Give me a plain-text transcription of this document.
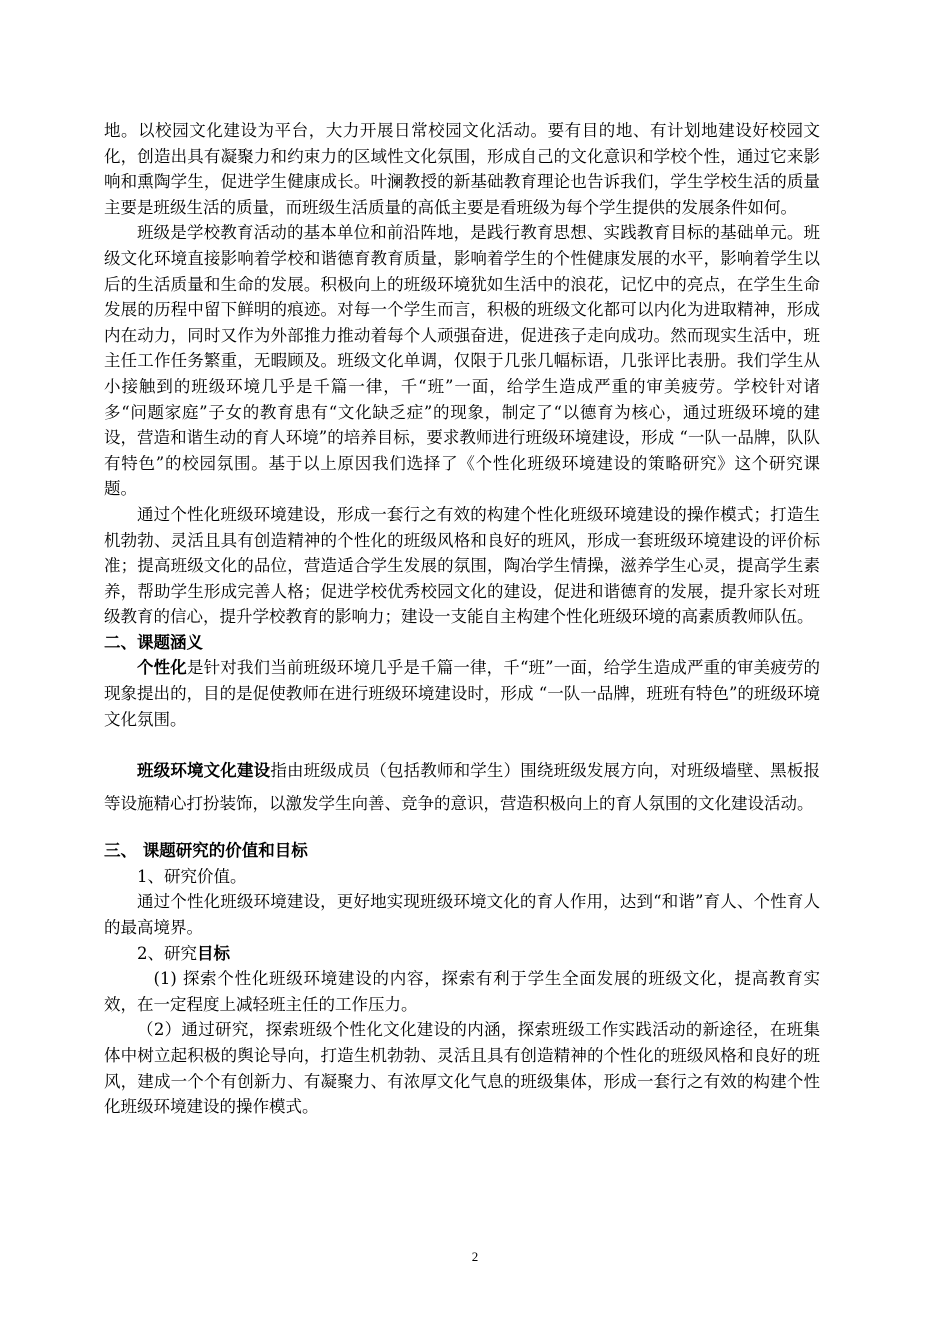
地。以校园文化建设为平台，大力开展日常校园文化活动。要有目的地、有计划地建设好校园文化，创造出具有凝聚力和约束力的区域性文化氛围，形成自己的文化意识和学校个性，通过它来影响和熏陶学生，促进学生健康成长。叶澜教授的新基础教育理论也告诉我们，学生学校生活的质量主要是班级生活的质量，而班级生活质量的高低主要是看班级为每个学生提供的发展条件如何。

班级是学校教育活动的基本单位和前沿阵地，是践行教育思想、实践教育目标的基础单元。班级文化环境直接影响着学校和谐德育教育质量，影响着学生的个性健康发展的水平，影响着学生以后的生活质量和生命的发展。积极向上的班级环境犹如生活中的浪花，记忆中的亮点，在学生生命发展的历程中留下鲜明的痕迹。对每一个学生而言，积极的班级文化都可以内化为进取精神，形成内在动力，同时又作为外部推力推动着每个人顽强奋进，促进孩子走向成功。然而现实生活中，班主任工作任务繁重，无暇顾及。班级文化单调，仅限于几张几幅标语，几张评比表册。我们学生从小接触到的班级环境几乎是千篇一律，千“班”一面，给学生造成严重的审美疲劳。学校针对诸多“问题家庭”子女的教育患有“文化缺乏症”的现象，制定了“以德育为核心，通过班级环境的建设，营造和谐生动的育人环境”的培养目标，要求教师进行班级环境建设，形成 “一队一品牌，队队有特色”的校园氛围。基于以上原因我们选择了《个性化班级环境建设的策略研究》这个研究课题。

通过个性化班级环境建设，形成一套行之有效的构建个性化班级环境建设的操作模式；打造生机勃勃、灵活且具有创造精神的个性化的班级风格和良好的班风，形成一套班级环境建设的评价标准；提高班级文化的品位，营造适合学生发展的氛围，陶冶学生情操，滋养学生心灵，提高学生素养，帮助学生形成完善人格；促进学校优秀校园文化的建设，促进和谐德育的发展，提升家长对班级教育的信心，提升学校教育的影响力；建设一支能自主构建个性化班级环境的高素质教师队伍。

二、课题涵义

个性化是针对我们当前班级环境几乎是千篇一律，千“班”一面，给学生造成严重的审美疲劳的现象提出的，目的是促使教师在进行班级环境建设时，形成 “一队一品牌，班班有特色”的班级环境文化氛围。

班级环境文化建设指由班级成员（包括教师和学生）围绕班级发展方向，对班级墙壁、黑板报等设施精心打扮装饰，以激发学生向善、竞争的意识，营造积极向上的育人氛围的文化建设活动。

三、 课题研究的价值和目标

1、研究价值。

通过个性化班级环境建设，更好地实现班级环境文化的育人作用，达到“和谐”育人、个性育人的最高境界。

2、研究目标

(1) 探索个性化班级环境建设的内容，探索有利于学生全面发展的班级文化，提高教育实效，在一定程度上减轻班主任的工作压力。

（2）通过研究，探索班级个性化文化建设的内涵，探索班级工作实践活动的新途径，在班集体中树立起积极的舆论导向，打造生机勃勃、灵活且具有创造精神的个性化的班级风格和良好的班风，建成一个个有创新力、有凝聚力、有浓厚文化气息的班级集体，形成一套行之有效的构建个性化班级环境建设的操作模式。

2
